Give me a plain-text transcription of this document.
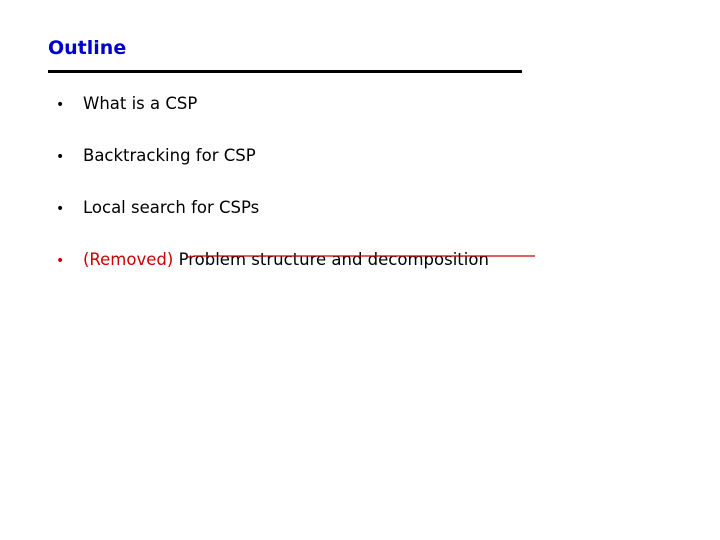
Outline
• What is a CSP
• Backtracking for CSP
• Local search for CSPs
• (Removed) Problem structure and decomposition
